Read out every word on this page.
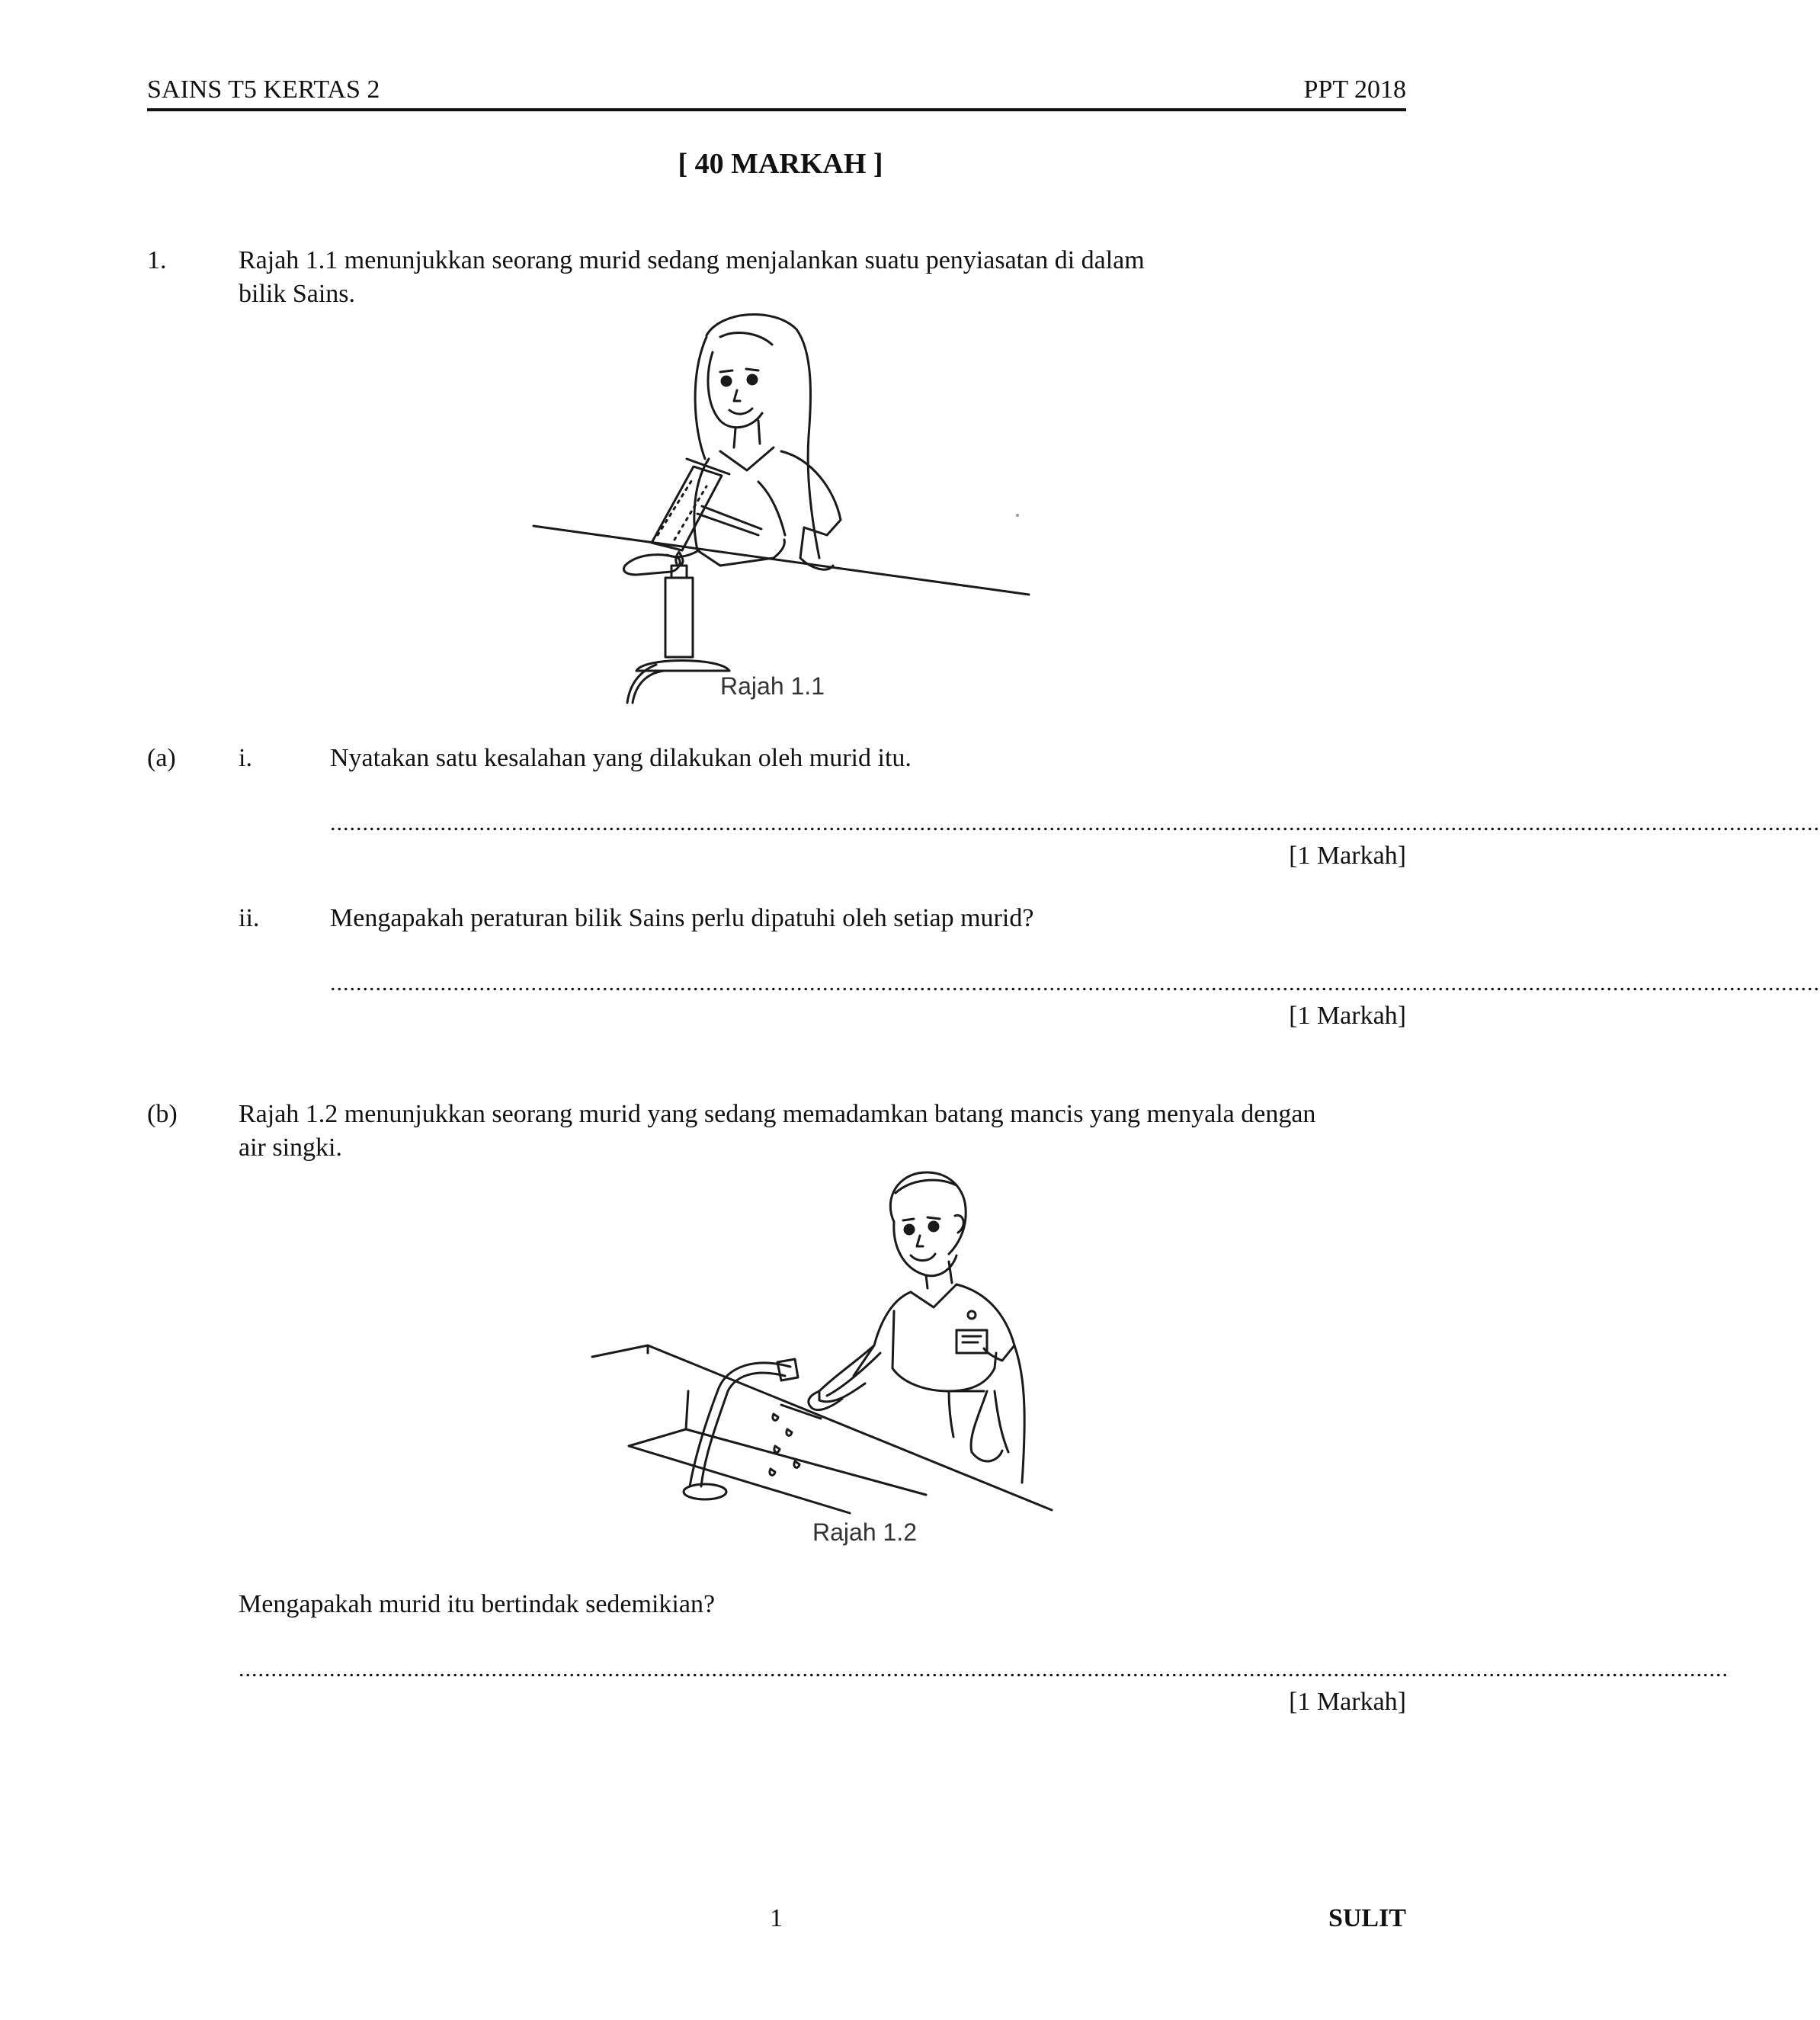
SAINS T5 KERTAS 2	PPT 2018
[ 40 MARKAH ]
1.	Rajah 1.1 menunjukkan seorang murid sedang menjalankan suatu penyiasatan di dalam
bilik Sains.
Rajah 1.1
(a) i.	Nyatakan satu kesalahan yang dilakukan oleh murid itu.
......................................................................................................................................................................................................................................
[1 Markah]
ii.	Mengapakah peraturan bilik Sains perlu dipatuhi oleh setiap murid?
......................................................................................................................................................................................................................................
[1 Markah]
(b) Rajah 1.2 menunjukkan seorang murid yang sedang memadamkan batang mancis yang menyala dengan
air singki.
Rajah 1.2
Mengapakah murid itu bertindak sedemikian?
......................................................................................................................................................................................................................................
[1 Markah]
1	SULIT
